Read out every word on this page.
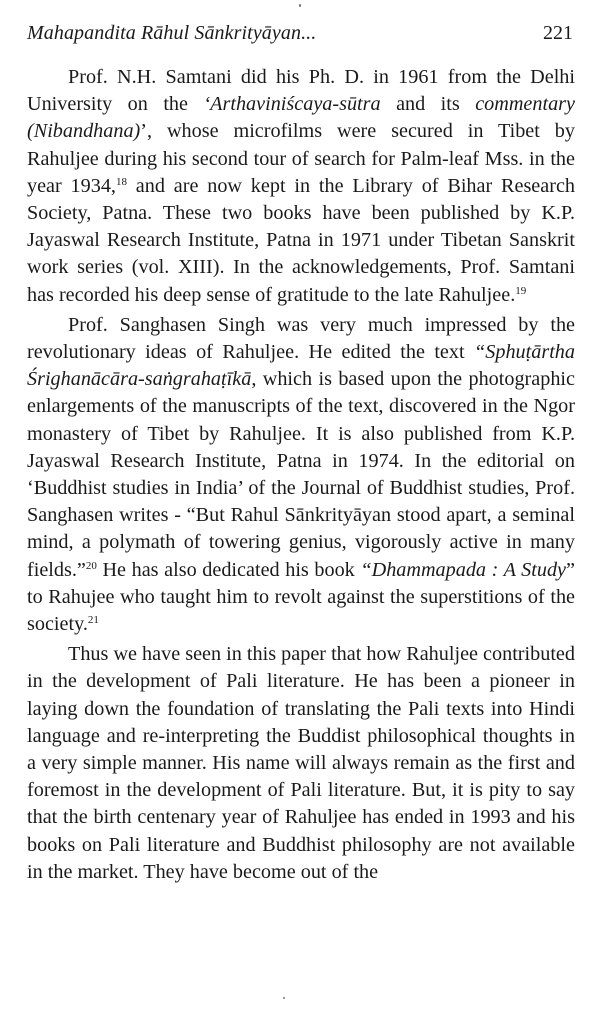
Mahapandita Rāhul Sānkrityāyan...	221

Prof. N.H. Samtani did his Ph. D. in 1961 from the Delhi University on the ‘Arthaviniścaya-sūtra and its commentary (Nibandhana)’, whose microfilms were secured in Tibet by Rahuljee during his second tour of search for Palm-leaf Mss. in the year 1934,18 and are now kept in the Library of Bihar Research Society, Patna. These two books have been published by K.P. Jayaswal Research Institute, Patna in 1971 under Tibetan Sanskrit work series (vol. XIII). In the acknowledgements, Prof. Samtani has recorded his deep sense of gratitude to the late Rahuljee.$^{19}$

Prof. Sanghasen Singh was very much impressed by the revolutionary ideas of Rahuljee. He edited the text “Sphuṭārtha Śrighanācāra-saṅgrahaṭīkā, which is based upon the photographic enlargements of the manuscripts of the text, discovered in the Ngor monastery of Tibet by Rahuljee. It is also published from K.P. Jayaswal Research Institute, Patna in 1974. In the editorial on ‘Buddhist studies in India’ of the Journal of Buddhist studies, Prof. Sanghasen writes - “But Rahul Sānkrityāyan stood apart, a seminal mind, a polymath of towering genius, vigorously active in many fields.”$^{20}$ He has also dedicated his book “Dhammapada : A Study” to Rahujee who taught him to revolt against the superstitions of the society.$^{21}$

Thus we have seen in this paper that how Rahuljee contributed in the development of Pali literature. He has been a pioneer in laying down the foundation of translating the Pali texts into Hindi language and re-interpreting the Buddist philosophical thoughts in a very simple manner. His name will always remain as the first and foremost in the development of Pali literature. But, it is pity to say that the birth centenary year of Rahuljee has ended in 1993 and his books on Pali literature and Buddhist philosophy are not available in the market. They have become out of the
